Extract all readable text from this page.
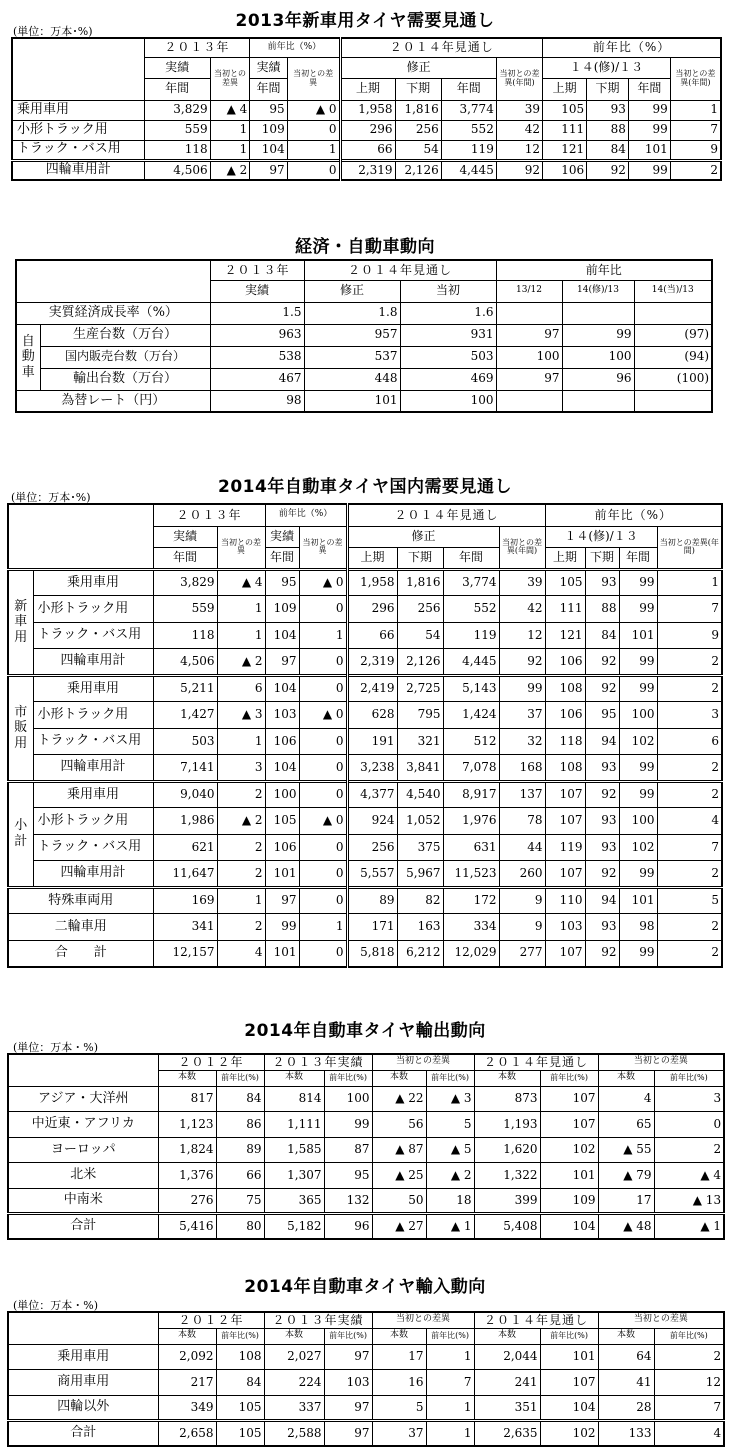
2013年新車用タイヤ需要見通し
(単位：万本･%)
	２０１３年		前年比（%）		２０１４年見通し				前年比（%）			
	実績	当初との差異	実績	当初との差異	修正			当初との差異(年間)	１４(修)/１３			当初との差異(年間)
	年間		年間		上期	下期	年間		上期	下期	年間	
乗用車用	3,829	▲ 4	95	▲ 0	1,958	1,816	3,774	39	105	93	99	1
小形トラック用	559	1	109	0	296	256	552	42	111	88	99	7
トラック・バス用	118	1	104	1	66	54	119	12	121	84	101	9
四輪車用計	4,506	▲ 2	97	0	2,319	2,126	4,445	92	106	92	99	2
経済・自動車動向
		２０１３年	２０１４年見通し		前年比		
		実績	修正	当初	13/12	14(修)/13	14(当)/13
実質経済成長率（%）		1.5	1.8	1.6			
自動車	生産台数（万台）	963	957	931	97	99	(97)
	国内販売台数（万台）	538	537	503	100	100	(94)
	輸出台数（万台）	467	448	469	97	96	(100)
為替レート（円）		98	101	100			
2014年自動車タイヤ国内需要見通し
(単位：万本･%)
		２０１３年		前年比（%）		２０１４年見通し				前年比（%）			
		実績	当初との差異	実績	当初との差異	修正			当初との差異(年間)	１４(修)/１３			当初との差異(年間)
		年間		年間		上期	下期	年間		上期	下期	年間	
新車用	乗用車用	3,829	▲ 4	95	▲ 0	1,958	1,816	3,774	39	105	93	99	1
	小形トラック用	559	1	109	0	296	256	552	42	111	88	99	7
	トラック・バス用	118	1	104	1	66	54	119	12	121	84	101	9
	四輪車用計	4,506	▲ 2	97	0	2,319	2,126	4,445	92	106	92	99	2
市販用	乗用車用	5,211	6	104	0	2,419	2,725	5,143	99	108	92	99	2
	小形トラック用	1,427	▲ 3	103	▲ 0	628	795	1,424	37	106	95	100	3
	トラック・バス用	503	1	106	0	191	321	512	32	118	94	102	6
	四輪車用計	7,141	3	104	0	3,238	3,841	7,078	168	108	93	99	2
小計	乗用車用	9,040	2	100	0	4,377	4,540	8,917	137	107	92	99	2
	小形トラック用	1,986	▲ 2	105	▲ 0	924	1,052	1,976	78	107	93	100	4
	トラック・バス用	621	2	106	0	256	375	631	44	119	93	102	7
	四輪車用計	11,647	2	101	0	5,557	5,967	11,523	260	107	92	99	2
特殊車両用		169	1	97	0	89	82	172	9	110	94	101	5
二輪車用		341	2	99	1	171	163	334	9	103	93	98	2
合　　計		12,157	4	101	0	5,818	6,212	12,029	277	107	92	99	2
2014年自動車タイヤ輸出動向
(単位：万本・%)
	２０１２年		２０１３年実績		当初との差異		２０１４年見通し		当初との差異	
	本数	前年比(%)	本数	前年比(%)	本数	前年比(%)	本数	前年比(%)	本数	前年比(%)
アジア・大洋州	817	84	814	100	▲ 22	▲ 3	873	107	4	3
中近東・アフリカ	1,123	86	1,111	99	56	5	1,193	107	65	0
ヨーロッパ	1,824	89	1,585	87	▲ 87	▲ 5	1,620	102	▲ 55	2
北米	1,376	66	1,307	95	▲ 25	▲ 2	1,322	101	▲ 79	▲ 4
中南米	276	75	365	132	50	18	399	109	17	▲ 13
合計	5,416	80	5,182	96	▲ 27	▲ 1	5,408	104	▲ 48	▲ 1
2014年自動車タイヤ輸入動向
(単位：万本・%)
	２０１２年		２０１３年実績		当初との差異		２０１４年見通し		当初との差異	
	本数	前年比(%)	本数	前年比(%)	本数	前年比(%)	本数	前年比(%)	本数	前年比(%)
乗用車用	2,092	108	2,027	97	17	1	2,044	101	64	2
商用車用	217	84	224	103	16	7	241	107	41	12
四輪以外	349	105	337	97	5	1	351	104	28	7
合計	2,658	105	2,588	97	37	1	2,635	102	133	4
